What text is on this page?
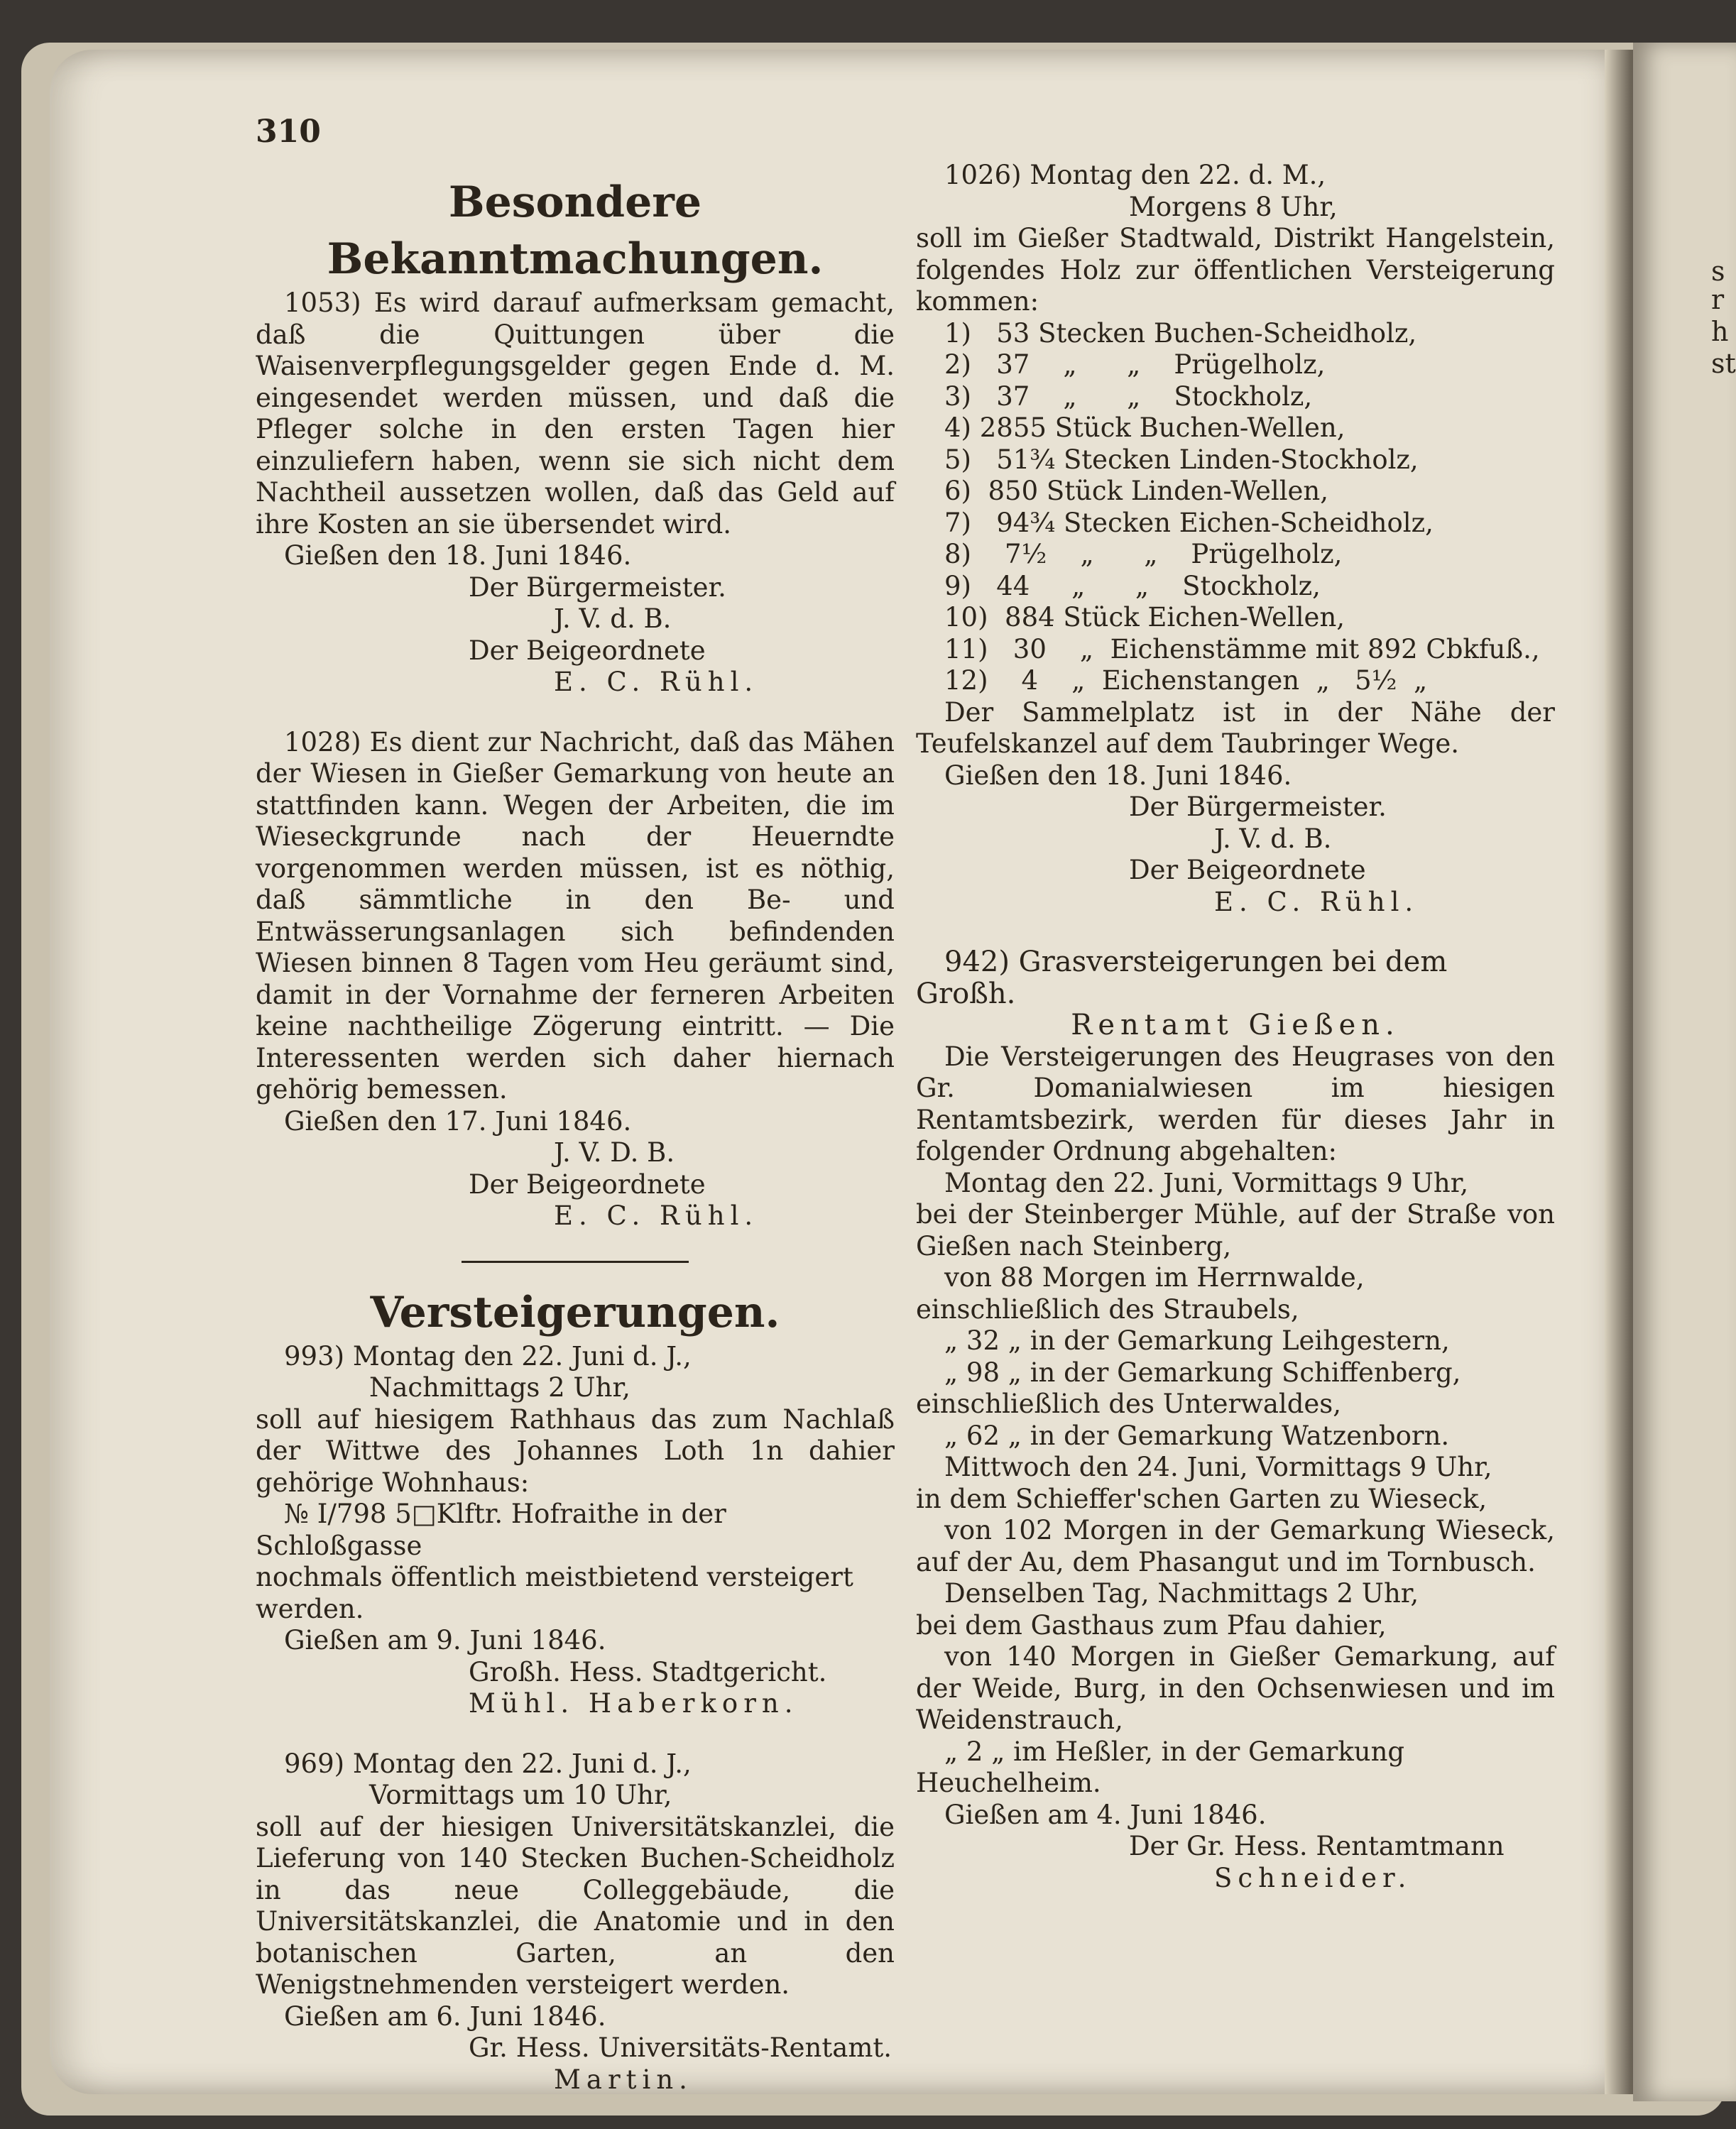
s
r
h
st
310

Besondere Bekanntmachungen.

1053) Es wird darauf aufmerksam gemacht, daß die Quittungen über die Waisenverpflegungsgelder gegen Ende d. M. eingesendet werden müssen, und daß die Pfleger solche in den ersten Tagen hier einzuliefern haben, wenn sie sich nicht dem Nachtheil aussetzen wollen, daß das Geld auf ihre Kosten an sie übersendet wird.

Gießen den 18. Juni 1846.

Der Bürgermeister.

J. V. d. B.

Der Beigeordnete

E. C. Rühl.

1028) Es dient zur Nachricht, daß das Mähen der Wiesen in Gießer Gemarkung von heute an stattfinden kann. Wegen der Arbeiten, die im Wieseckgrunde nach der Heuerndte vorgenommen werden müssen, ist es nöthig, daß sämmtliche in den Be- und Entwässerungsanlagen sich befindenden Wiesen binnen 8 Tagen vom Heu geräumt sind, damit in der Vornahme der ferneren Arbeiten keine nachtheilige Zögerung eintritt. — Die Interessenten werden sich daher hiernach gehörig bemessen.

Gießen den 17. Juni 1846.

J. V. D. B.

Der Beigeordnete

E. C. Rühl.

Versteigerungen.

993) Montag den 22. Juni d. J.,

Nachmittags 2 Uhr,

soll auf hiesigem Rathhaus das zum Nachlaß der Wittwe des Johannes Loth 1n dahier gehörige Wohnhaus:

№ I/798 5□Klftr. Hofraithe in der Schloßgasse

nochmals öffentlich meistbietend versteigert werden.

Gießen am 9. Juni 1846.

Großh. Hess. Stadtgericht.

Mühl. Haberkorn.

969) Montag den 22. Juni d. J.,

Vormittags um 10 Uhr,

soll auf der hiesigen Universitätskanzlei, die Lieferung von 140 Stecken Buchen-Scheidholz in das neue Colleggebäude, die Universitätskanzlei, die Anatomie und in den botanischen Garten, an den Wenigstnehmenden versteigert werden.

Gießen am 6. Juni 1846.

Gr. Hess. Universitäts-Rentamt.

Martin.

1026) Montag den 22. d. M.,

Morgens 8 Uhr,

soll im Gießer Stadtwald, Distrikt Hangelstein, folgendes Holz zur öffentlichen Versteigerung kommen:

1)   53 Stecken Buchen-Scheidholz,

2)   37    „      „    Prügelholz,

3)   37    „      „    Stockholz,

4) 2855 Stück Buchen-Wellen,

5)   51¾ Stecken Linden-Stockholz,

6)  850 Stück Linden-Wellen,

7)   94¾ Stecken Eichen-Scheidholz,

8)    7½    „      „    Prügelholz,

9)   44     „      „    Stockholz,

10)  884 Stück Eichen-Wellen,

11)   30    „  Eichenstämme mit 892 Cbkfuß.,

12)    4    „  Eichenstangen  „   5½  „

Der Sammelplatz ist in der Nähe der Teufelskanzel auf dem Taubringer Wege.

Gießen den 18. Juni 1846.

Der Bürgermeister.

J. V. d. B.

Der Beigeordnete

E. C. Rühl.

942) Grasversteigerungen bei dem Großh.

Rentamt Gießen.

Die Versteigerungen des Heugrases von den Gr. Domanialwiesen im hiesigen Rentamtsbezirk, werden für dieses Jahr in folgender Ordnung abgehalten:

Montag den 22. Juni, Vormittags 9 Uhr,

bei der Steinberger Mühle, auf der Straße von Gießen nach Steinberg,

von 88 Morgen im Herrnwalde, einschließlich des Straubels,

„ 32 „ in der Gemarkung Leihgestern,

„ 98 „ in der Gemarkung Schiffenberg, einschließlich des Unterwaldes,

„ 62 „ in der Gemarkung Watzenborn.

Mittwoch den 24. Juni, Vormittags 9 Uhr,

in dem Schieffer'schen Garten zu Wieseck,

von 102 Morgen in der Gemarkung Wieseck, auf der Au, dem Phasangut und im Tornbusch.

Denselben Tag, Nachmittags 2 Uhr,

bei dem Gasthaus zum Pfau dahier,

von 140 Morgen in Gießer Gemarkung, auf der Weide, Burg, in den Ochsenwiesen und im Weidenstrauch,

„ 2 „ im Heßler, in der Gemarkung Heuchelheim.

Gießen am 4. Juni 1846.

Der Gr. Hess. Rentamtmann

Schneider.
